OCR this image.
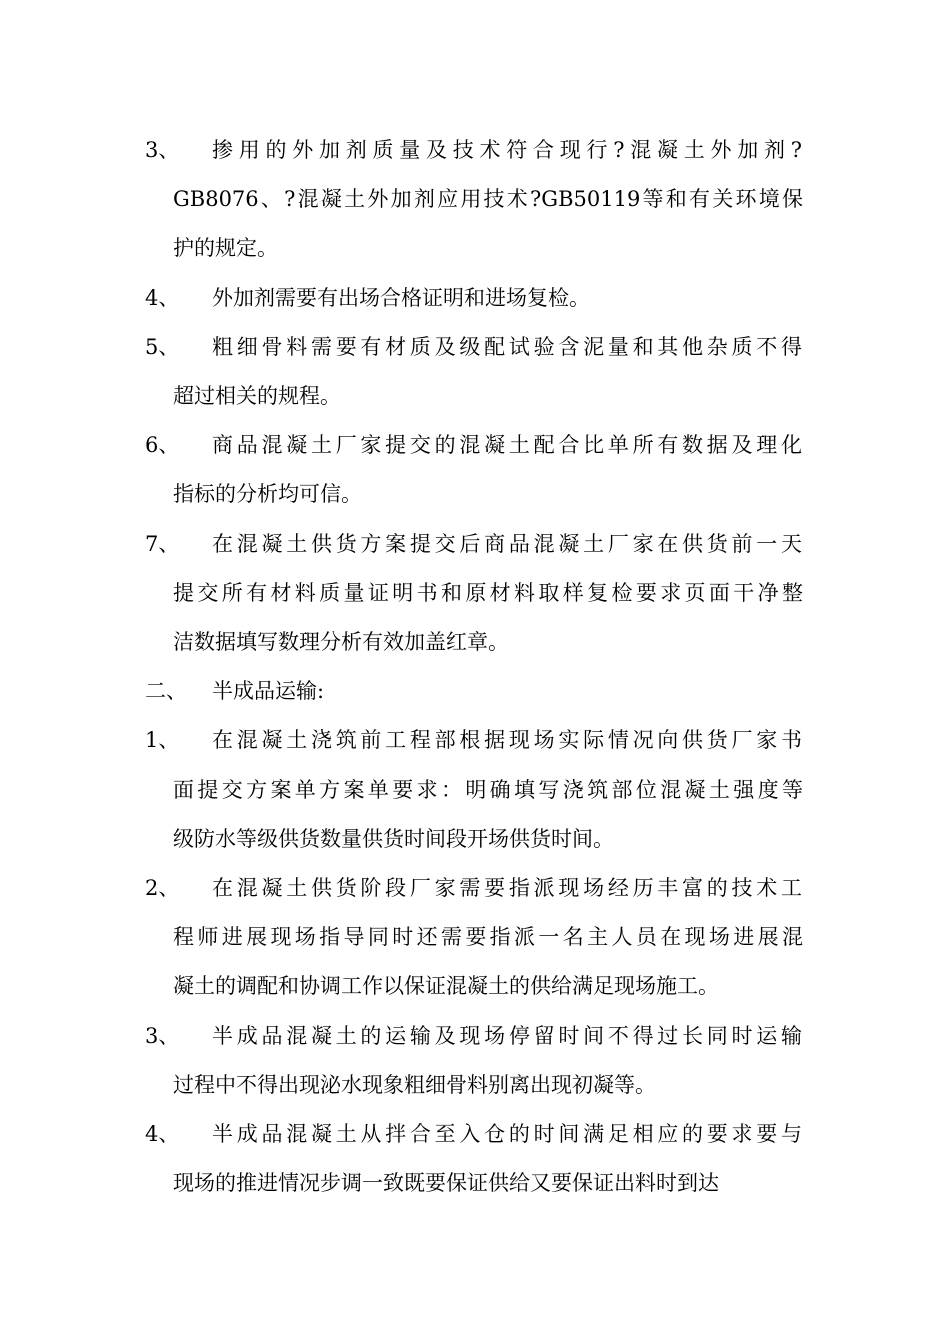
3、 掺用的外加剂质量及技术符合现行?混凝土外加剂?
GB8076、?混凝土外加剂应用技术?GB50119等和有关环境保
护的规定。
4、 外加剂需要有出场合格证明和进场复检。
5、 粗细骨料需要有材质及级配试验含泥量和其他杂质不得
超过相关的规程。
6、 商品混凝土厂家提交的混凝土配合比单所有数据及理化
指标的分析均可信。
7、 在混凝土供货方案提交后商品混凝土厂家在供货前一天
提交所有材料质量证明书和原材料取样复检要求页面干净整
洁数据填写数理分析有效加盖红章。
二、 半成品运输:
1、 在混凝土浇筑前工程部根据现场实际情况向供货厂家书
面提交方案单方案单要求：明确填写浇筑部位混凝土强度等
级防水等级供货数量供货时间段开场供货时间。
2、 在混凝土供货阶段厂家需要指派现场经历丰富的技术工
程师进展现场指导同时还需要指派一名主人员在现场进展混
凝土的调配和协调工作以保证混凝土的供给满足现场施工。
3、 半成品混凝土的运输及现场停留时间不得过长同时运输
过程中不得出现泌水现象粗细骨料别离出现初凝等。
4、 半成品混凝土从拌合至入仓的时间满足相应的要求要与
现场的推进情况步调一致既要保证供给又要保证出料时到达
